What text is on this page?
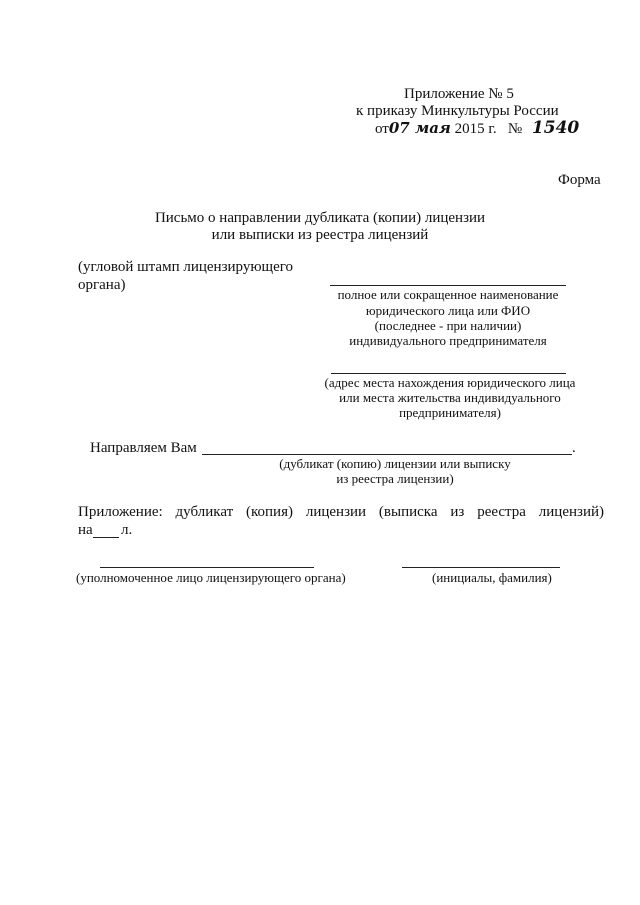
Приложение № 5
к приказу Минкультуры России
от07 мая 2015 г. № 1540
Форма
Письмо о направлении дубликата (копии) лицензии
или выписки из реестра лицензий
(угловой штамп лицензирующего
органа)
полное или сокращенное наименование
юридического лица или ФИО
(последнее - при наличии)
индивидуального предпринимателя
(адрес места нахождения юридического лица
или места жительства индивидуального
предпринимателя)
Направляем Вам	.
(дубликат (копию) лицензии или выписку
из реестра лицензии)
Приложение: дубликат (копия) лицензии (выписка из реестра лицензий)
на л.
(уполномоченное лицо лицензирующего органа)	(инициалы, фамилия)
